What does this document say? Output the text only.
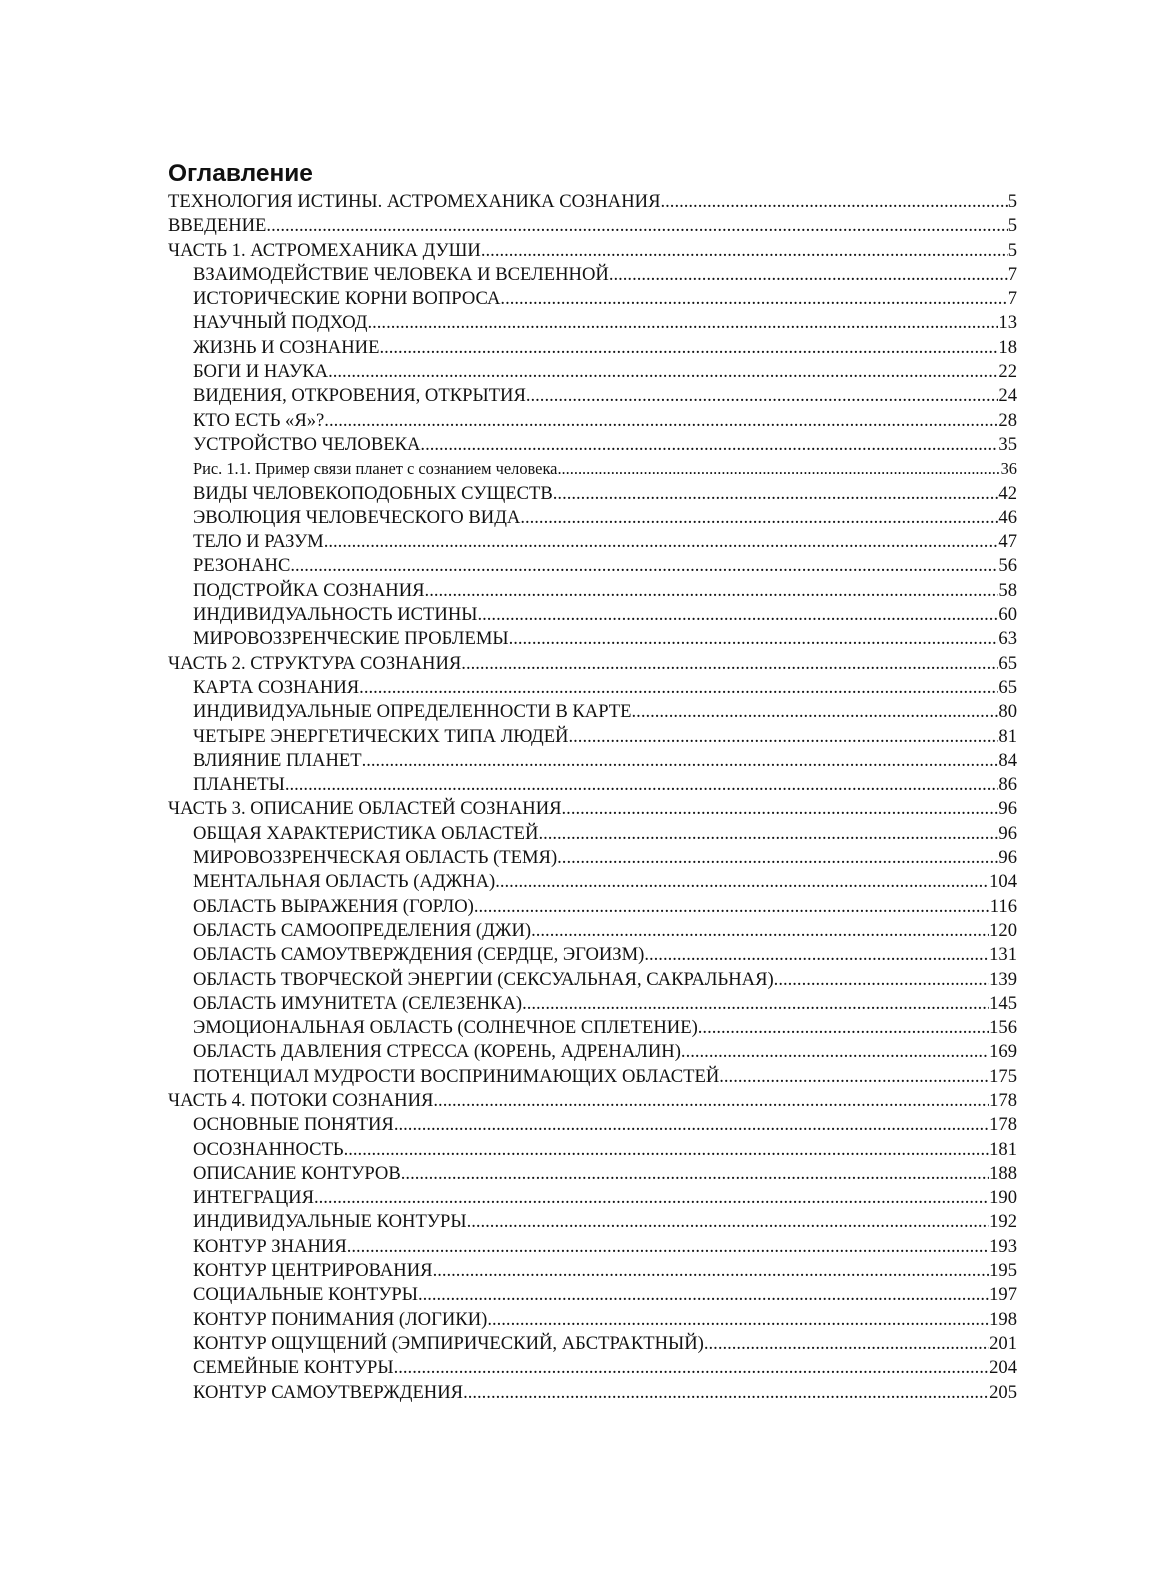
Оглавление
ТЕХНОЛОГИЯ ИСТИНЫ. АСТРОМЕХАНИКА СОЗНАНИЯ .....	5
ВВЕДЕНИЕ .....	5
ЧАСТЬ 1. АСТРОМЕХАНИКА ДУШИ .....	5
ВЗАИМОДЕЙСТВИЕ ЧЕЛОВЕКА И ВСЕЛЕННОЙ .....	7
ИСТОРИЧЕСКИЕ КОРНИ ВОПРОСА .....	7
НАУЧНЫЙ ПОДХОД .....	13
ЖИЗНЬ И СОЗНАНИЕ .....	18
БОГИ И НАУКА .....	22
ВИДЕНИЯ, ОТКРОВЕНИЯ, ОТКРЫТИЯ .....	24
КТО ЕСТЬ «Я»? .....	28
УСТРОЙСТВО ЧЕЛОВЕКА .....	35
Рис. 1.1. Пример связи планет с сознанием человека .....	36
ВИДЫ ЧЕЛОВЕКОПОДОБНЫХ СУЩЕСТВ .....	42
ЭВОЛЮЦИЯ ЧЕЛОВЕЧЕСКОГО ВИДА .....	46
ТЕЛО И РАЗУМ .....	47
РЕЗОНАНС .....	56
ПОДСТРОЙКА СОЗНАНИЯ .....	58
ИНДИВИДУАЛЬНОСТЬ ИСТИНЫ .....	60
МИРОВОЗЗРЕНЧЕСКИЕ ПРОБЛЕМЫ .....	63
ЧАСТЬ 2. СТРУКТУРА СОЗНАНИЯ .....	65
КАРТА СОЗНАНИЯ .....	65
ИНДИВИДУАЛЬНЫЕ ОПРЕДЕЛЕННОСТИ В КАРТЕ .....	80
ЧЕТЫРЕ ЭНЕРГЕТИЧЕСКИХ ТИПА ЛЮДЕЙ .....	81
ВЛИЯНИЕ ПЛАНЕТ .....	84
ПЛАНЕТЫ .....	86
ЧАСТЬ 3. ОПИСАНИЕ ОБЛАСТЕЙ СОЗНАНИЯ .....	96
ОБЩАЯ ХАРАКТЕРИСТИКА ОБЛАСТЕЙ .....	96
МИРОВОЗЗРЕНЧЕСКАЯ ОБЛАСТЬ (ТЕМЯ) .....	96
МЕНТАЛЬНАЯ ОБЛАСТЬ (АДЖНА) .....	104
ОБЛАСТЬ ВЫРАЖЕНИЯ (ГОРЛО) .....	116
ОБЛАСТЬ САМООПРЕДЕЛЕНИЯ (ДЖИ) .....	120
ОБЛАСТЬ САМОУТВЕРЖДЕНИЯ (СЕРДЦЕ, ЭГОИЗМ) .....	131
ОБЛАСТЬ ТВОРЧЕСКОЙ ЭНЕРГИИ (СЕКСУАЛЬНАЯ, САКРАЛЬНАЯ) .....	139
ОБЛАСТЬ ИМУНИТЕТА (СЕЛЕЗЕНКА) .....	145
ЭМОЦИОНАЛЬНАЯ ОБЛАСТЬ (СОЛНЕЧНОЕ СПЛЕТЕНИЕ) .....	156
ОБЛАСТЬ ДАВЛЕНИЯ СТРЕССА (КОРЕНЬ, АДРЕНАЛИН) .....	169
ПОТЕНЦИАЛ МУДРОСТИ ВОСПРИНИМАЮЩИХ ОБЛАСТЕЙ .....	175
ЧАСТЬ 4. ПОТОКИ СОЗНАНИЯ .....	178
ОСНОВНЫЕ ПОНЯТИЯ .....	178
ОСОЗНАННОСТЬ .....	181
ОПИСАНИЕ КОНТУРОВ .....	188
ИНТЕГРАЦИЯ .....	190
ИНДИВИДУАЛЬНЫЕ КОНТУРЫ .....	192
КОНТУР ЗНАНИЯ .....	193
КОНТУР ЦЕНТРИРОВАНИЯ .....	195
СОЦИАЛЬНЫЕ КОНТУРЫ .....	197
КОНТУР ПОНИМАНИЯ (ЛОГИКИ) .....	198
КОНТУР ОЩУЩЕНИЙ (ЭМПИРИЧЕСКИЙ, АБСТРАКТНЫЙ) .....	201
СЕМЕЙНЫЕ КОНТУРЫ .....	204
КОНТУР САМОУТВЕРЖДЕНИЯ .....	205
